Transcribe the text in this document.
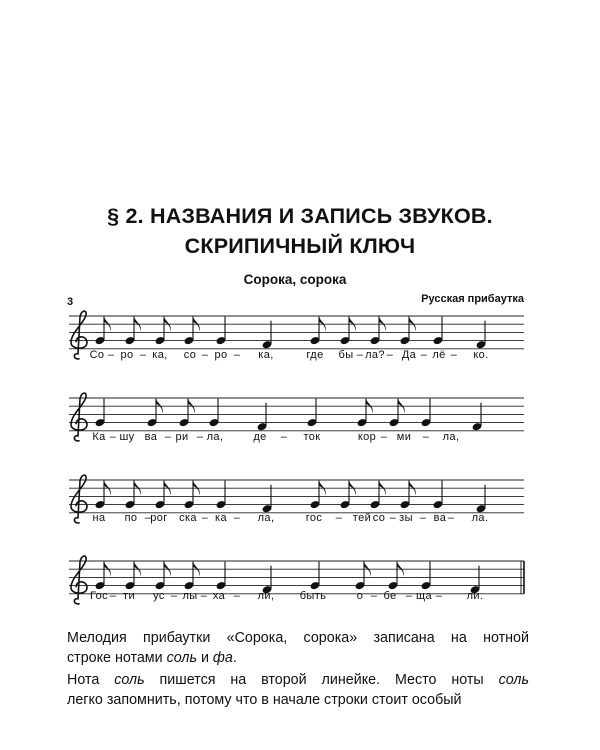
§ 2. НАЗВАНИЯ И ЗАПИСЬ ЗВУКОВ.
СКРИПИЧНЫЙ КЛЮЧ
Сорока, сорока
3	Русская прибаутка
Со – ро – ка, со – ро – ка,	где бы – ла? – Да – лё – ко.
Ка – шу ва – ри – ла,	де – ток	кор – ми – ла,
на по – рог ска – ка – ла,	гос – тей со – зы – ва – ла.
Гос – ти ус – лы – ха – ли, быть	о – бе – ща – ли.
Мелодия прибаутки «Сорока, сорока» записана на нотной
строке нотами соль и фа.
Нота соль пишется на второй линейке. Место ноты соль
легко запомнить, потому что в начале строки стоит особый
